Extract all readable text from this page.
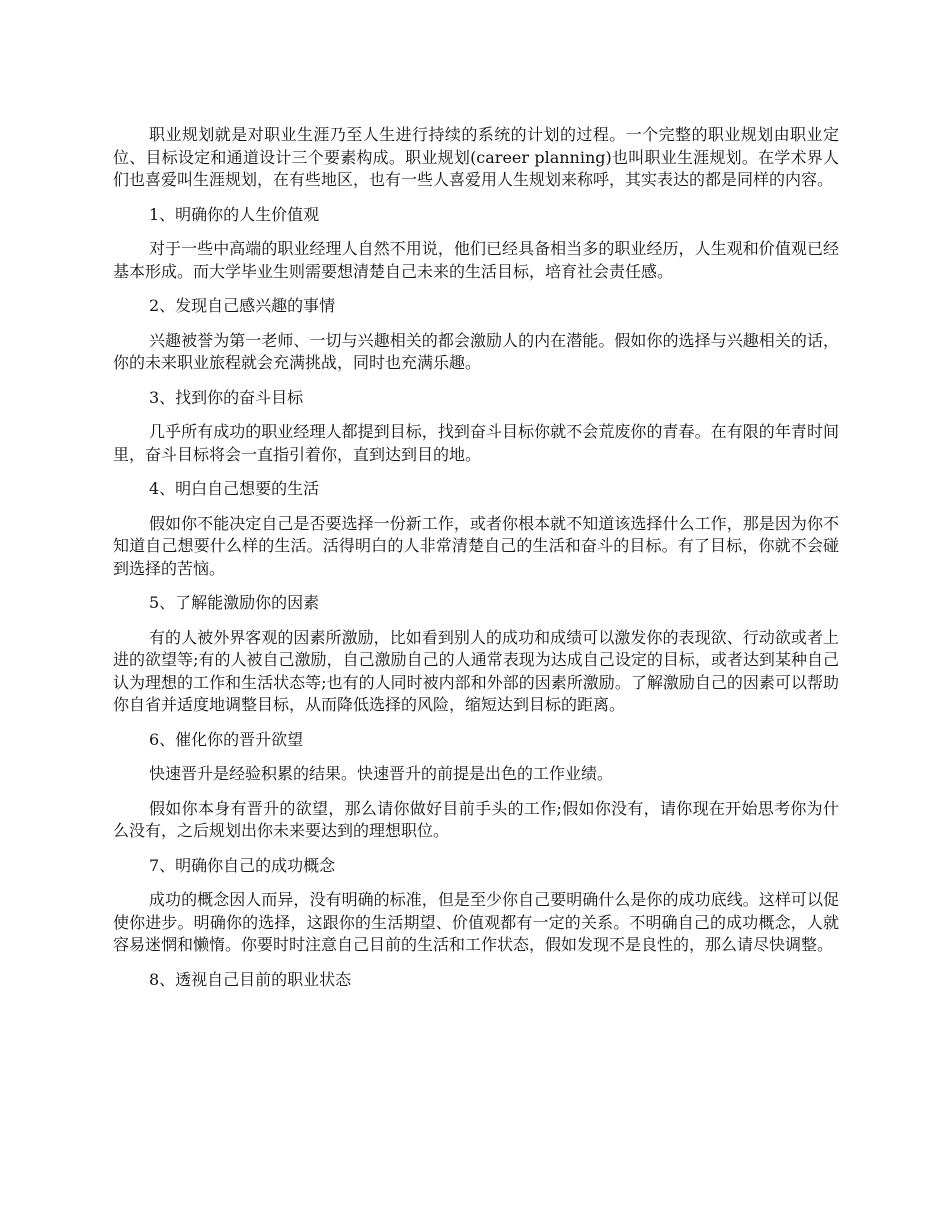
职业规划就是对职业生涯乃至人生进行持续的系统的计划的过程。一个完整的职业规划由职业定位、目标设定和通道设计三个要素构成。职业规划(career planning)也叫职业生涯规划。在学术界人们也喜爱叫生涯规划，在有些地区，也有一些人喜爱用人生规划来称呼，其实表达的都是同样的内容。

1、明确你的人生价值观

对于一些中高端的职业经理人自然不用说，他们已经具备相当多的职业经历，人生观和价值观已经基本形成。而大学毕业生则需要想清楚自己未来的生活目标，培育社会责任感。

2、发现自己感兴趣的事情

兴趣被誉为第一老师、一切与兴趣相关的都会激励人的内在潜能。假如你的选择与兴趣相关的话，你的未来职业旅程就会充满挑战，同时也充满乐趣。

3、找到你的奋斗目标

几乎所有成功的职业经理人都提到目标，找到奋斗目标你就不会荒废你的青春。在有限的年青时间里，奋斗目标将会一直指引着你，直到达到目的地。

4、明白自己想要的生活

假如你不能决定自己是否要选择一份新工作，或者你根本就不知道该选择什么工作，那是因为你不知道自己想要什么样的生活。活得明白的人非常清楚自己的生活和奋斗的目标。有了目标，你就不会碰到选择的苦恼。

5、了解能激励你的因素

有的人被外界客观的因素所激励，比如看到别人的成功和成绩可以激发你的表现欲、行动欲或者上进的欲望等;有的人被自己激励，自己激励自己的人通常表现为达成自己设定的目标，或者达到某种自己认为理想的工作和生活状态等;也有的人同时被内部和外部的因素所激励。了解激励自己的因素可以帮助你自省并适度地调整目标，从而降低选择的风险，缩短达到目标的距离。

6、催化你的晋升欲望

快速晋升是经验积累的结果。快速晋升的前提是出色的工作业绩。

假如你本身有晋升的欲望，那么请你做好目前手头的工作;假如你没有，请你现在开始思考你为什么没有，之后规划出你未来要达到的理想职位。

7、明确你自己的成功概念

成功的概念因人而异，没有明确的标准，但是至少你自己要明确什么是你的成功底线。这样可以促使你进步。明确你的选择，这跟你的生活期望、价值观都有一定的关系。不明确自己的成功概念，人就容易迷惘和懒惰。你要时时注意自己目前的生活和工作状态，假如发现不是良性的，那么请尽快调整。

8、透视自己目前的职业状态
